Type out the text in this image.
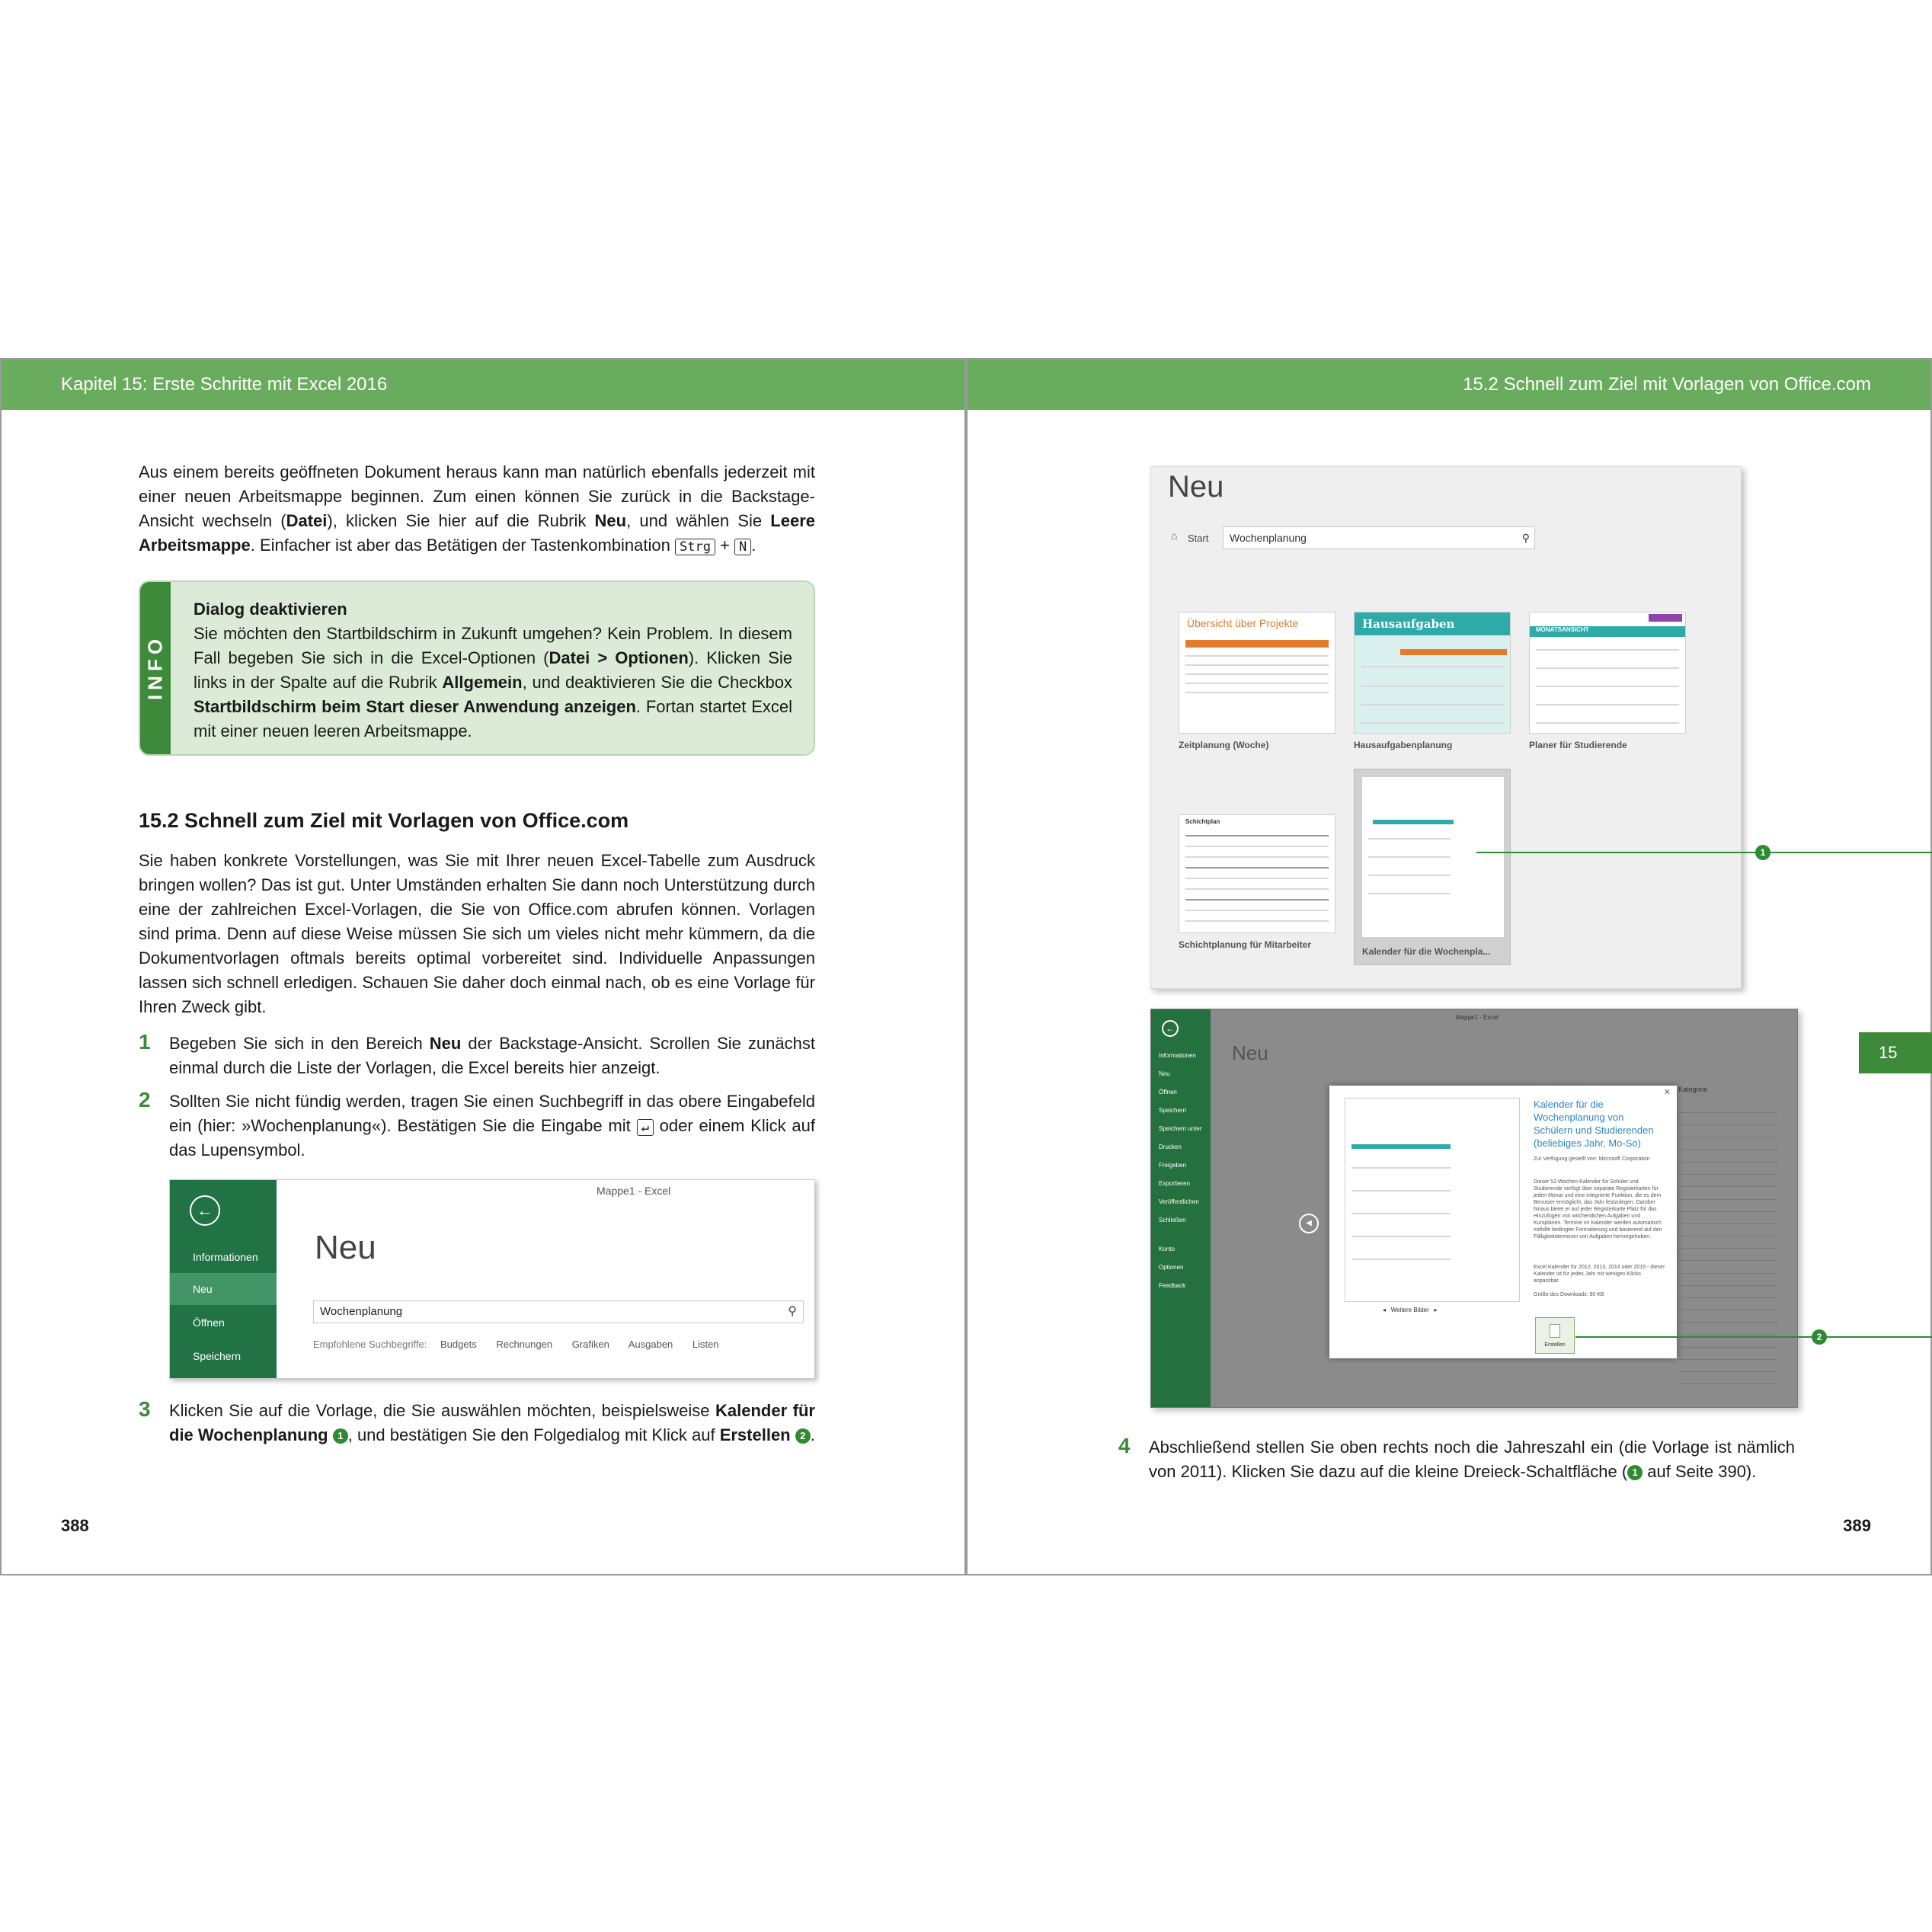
Kapitel 15: Erste Schritte mit Excel 2016

Aus einem bereits geöffneten Dokument heraus kann man natürlich ebenfalls jederzeit mit einer neuen Arbeitsmappe beginnen. Zum einen können Sie zurück in die Backstage-Ansicht wechseln (Datei), klicken Sie hier auf die Rubrik Neu, und wählen Sie Leere Arbeitsmappe. Einfacher ist aber das Betätigen der Tastenkombination Strg + N .

INFO
Dialog deaktivieren

Sie möchten den Startbildschirm in Zukunft umgehen? Kein Problem. In diesem Fall begeben Sie sich in die Excel-Optionen (Datei > Optionen). Klicken Sie links in der Spalte auf die Rubrik Allgemein, und deaktivieren Sie die Checkbox Startbildschirm beim Start dieser Anwendung anzeigen. Fortan startet Excel mit einer neuen leeren Arbeitsmappe.

15.2 Schnell zum Ziel mit Vorlagen von Office.com

Sie haben konkrete Vorstellungen, was Sie mit Ihrer neuen Excel-Tabelle zum Ausdruck bringen wollen? Das ist gut. Unter Umständen erhalten Sie dann noch Unterstützung durch eine der zahlreichen Excel-Vorlagen, die Sie von Office.com abrufen können. Vorlagen sind prima. Denn auf diese Weise müssen Sie sich um vieles nicht mehr kümmern, da die Dokumentvorlagen oftmals bereits optimal vorbereitet sind. Individuelle Anpassungen lassen sich schnell erledigen. Schauen Sie daher doch einmal nach, ob es eine Vorlage für Ihren Zweck gibt.

1 Begeben Sie sich in den Bereich Neu der Backstage-Ansicht. Scrollen Sie zunächst einmal durch die Liste der Vorlagen, die Excel bereits hier anzeigt.

2 Sollten Sie nicht fündig werden, tragen Sie einen Suchbegriff in das obere Eingabefeld ein (hier: »Wochenplanung«). Bestätigen Sie die Eingabe mit ↵ oder einem Klick auf das Lupensymbol.

←
Informationen
Neu
Öffnen
Speichern
Mappe1 - Excel
Neu
Wochenplanung	⚲
Empfohlene Suchbegriffe: Budgets Rechnungen Grafiken Ausgaben Listen
3 Klicken Sie auf die Vorlage, die Sie auswählen möchten, beispielsweise Kalender für die Wochenplanung 1 , und bestätigen Sie den Folgedialog mit Klick auf Erstellen 2 .

388
15.2 Schnell zum Ziel mit Vorlagen von Office.com
Neu
⌂ Start	Wochenplanung	⚲
Übersicht über Projekte
Zeitplanung (Woche)
Hausaufgaben
Hausaufgabenplanung
MONATSANSICHT
Planer für Studierende
Schichtplan
Schichtplanung für Mitarbeiter
Kalender für die Wochenpla...
1
←
Informationen
Neu
Öffnen
Speichern
Speichern unter
Drucken
Freigeben
Exportieren
Veröffentlichen
Schließen
Konto
Optionen
Feedback
Mappe1 - Excel
Neu
Kategorie
◀
✕
◂   Weitere Bilder   ▸
Kalender für die Wochenplanung von Schülern und Studierenden (beliebiges Jahr, Mo-So)
Zur Verfügung gestellt von: Microsoft Corporation
Dieser 52-Wochen-Kalender für Schüler und Studierende verfügt über separate Registerkarten für jeden Monat und eine integrierte Funktion, die es dem Benutzer ermöglicht, das Jahr festzulegen. Darüber hinaus bietet er auf jeder Registerkarte Platz für das Hinzufügen von wöchentlichen Aufgaben und Kursplänen. Termine im Kalender werden automatisch mithilfe bedingter Formatierung und basierend auf den Fälligkeitsterminen von Aufgaben hervorgehoben.
Excel Kalender für 2012, 2013, 2014 oder 2015 - dieser Kalender ist für jedes Jahr mit wenigen Klicks anpassbar.
Größe des Downloads: 90 KB
Erstellen
2
4 Abschließend stellen Sie oben rechts noch die Jahreszahl ein (die Vorlage ist nämlich von 2011). Klicken Sie dazu auf die kleine Dreieck-Schaltfläche ( 1 auf Seite 390).

389
15
